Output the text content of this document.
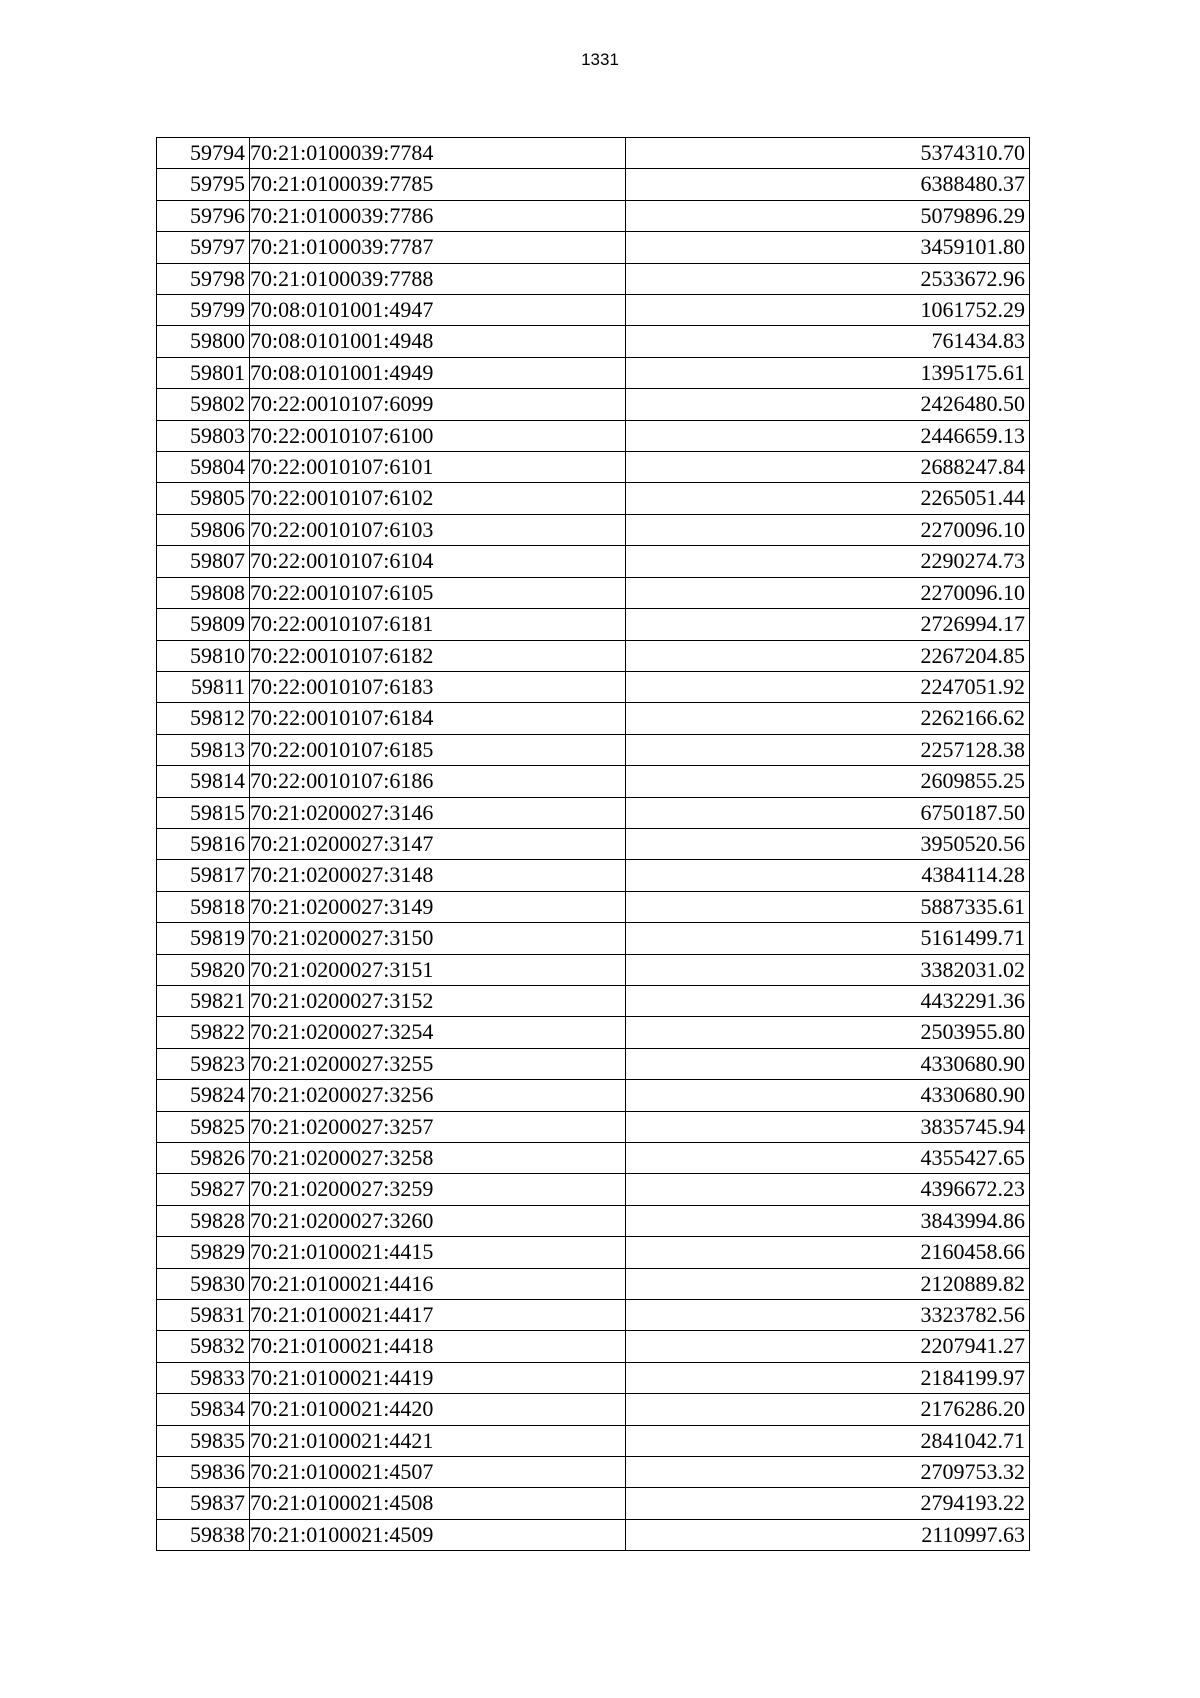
1331
59794	70:21:0100039:7784	5374310.70
59795	70:21:0100039:7785	6388480.37
59796	70:21:0100039:7786	5079896.29
59797	70:21:0100039:7787	3459101.80
59798	70:21:0100039:7788	2533672.96
59799	70:08:0101001:4947	1061752.29
59800	70:08:0101001:4948	761434.83
59801	70:08:0101001:4949	1395175.61
59802	70:22:0010107:6099	2426480.50
59803	70:22:0010107:6100	2446659.13
59804	70:22:0010107:6101	2688247.84
59805	70:22:0010107:6102	2265051.44
59806	70:22:0010107:6103	2270096.10
59807	70:22:0010107:6104	2290274.73
59808	70:22:0010107:6105	2270096.10
59809	70:22:0010107:6181	2726994.17
59810	70:22:0010107:6182	2267204.85
59811	70:22:0010107:6183	2247051.92
59812	70:22:0010107:6184	2262166.62
59813	70:22:0010107:6185	2257128.38
59814	70:22:0010107:6186	2609855.25
59815	70:21:0200027:3146	6750187.50
59816	70:21:0200027:3147	3950520.56
59817	70:21:0200027:3148	4384114.28
59818	70:21:0200027:3149	5887335.61
59819	70:21:0200027:3150	5161499.71
59820	70:21:0200027:3151	3382031.02
59821	70:21:0200027:3152	4432291.36
59822	70:21:0200027:3254	2503955.80
59823	70:21:0200027:3255	4330680.90
59824	70:21:0200027:3256	4330680.90
59825	70:21:0200027:3257	3835745.94
59826	70:21:0200027:3258	4355427.65
59827	70:21:0200027:3259	4396672.23
59828	70:21:0200027:3260	3843994.86
59829	70:21:0100021:4415	2160458.66
59830	70:21:0100021:4416	2120889.82
59831	70:21:0100021:4417	3323782.56
59832	70:21:0100021:4418	2207941.27
59833	70:21:0100021:4419	2184199.97
59834	70:21:0100021:4420	2176286.20
59835	70:21:0100021:4421	2841042.71
59836	70:21:0100021:4507	2709753.32
59837	70:21:0100021:4508	2794193.22
59838	70:21:0100021:4509	2110997.63
